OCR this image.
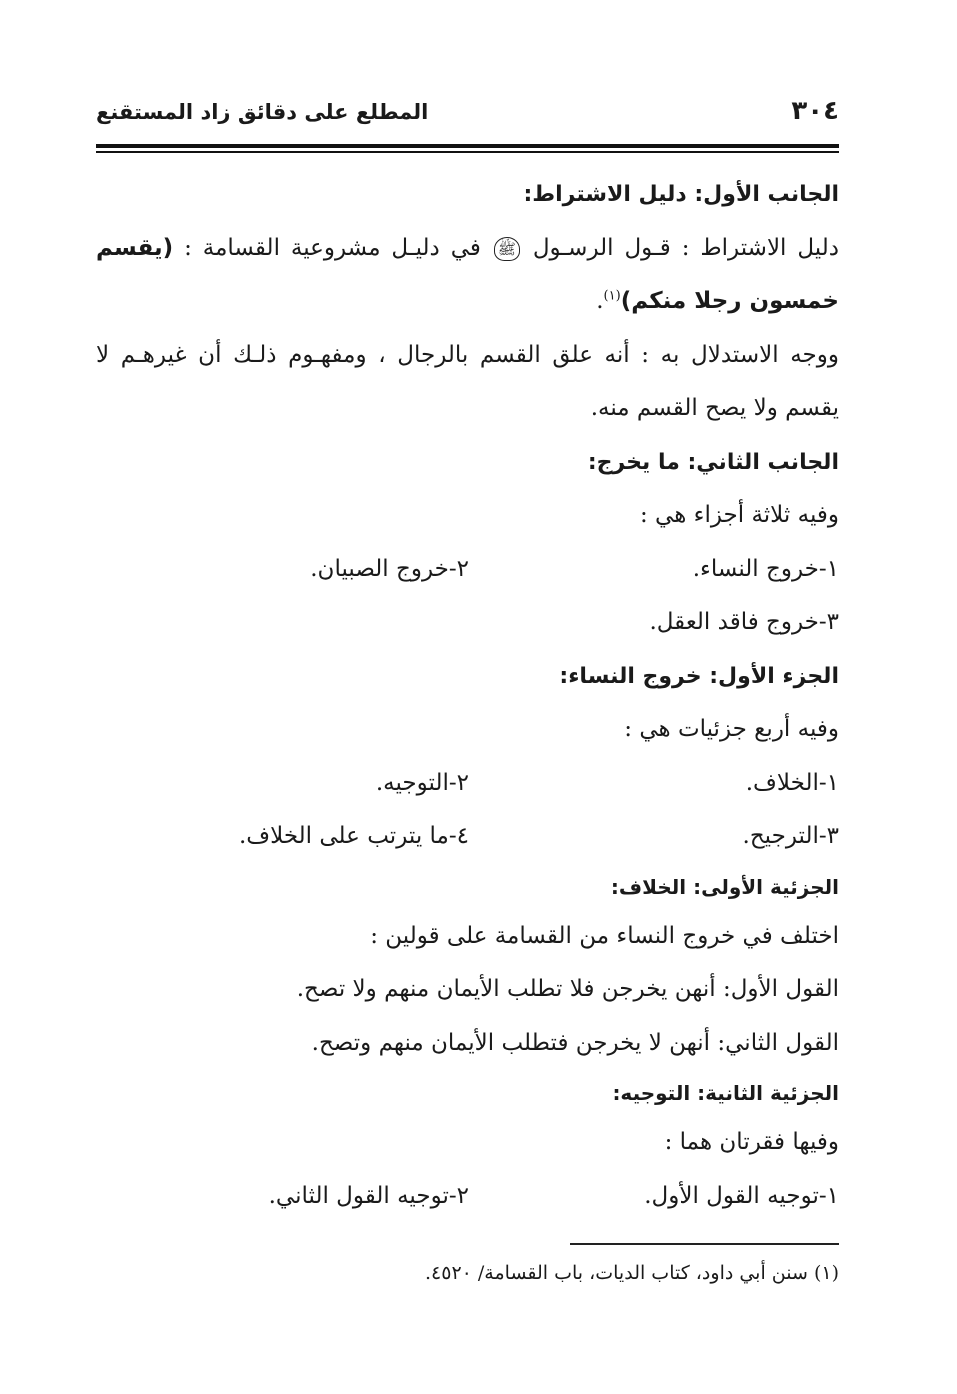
٣٠٤
المطلع على دقائق زاد المستقنع
الجانب الأول: دليل الاشتراط:
دليل الاشتراط : قـول الرسـول ﷺ في دليـل مشروعية القسامة : (يقسم
خمسون رجلا منكم)$^{(١)}$.
ووجه الاستدلال به : أنه علق القسم بالرجال ، ومفهـوم ذلـك أن غيرهـم لا
يقسم ولا يصح القسم منه.
الجانب الثاني: ما يخرج:
وفيه ثلاثة أجزاء هي :
١-خروج النساء.
٢-خروج الصبيان.
٣-خروج فاقد العقل.
الجزء الأول: خروج النساء:
وفيه أربع جزئيات هي :
١-الخلاف.
٢-التوجيه.
٣-الترجيح.
٤-ما يترتب على الخلاف.
الجزئية الأولى: الخلاف:
اختلف في خروج النساء من القسامة على قولين :
القول الأول: أنهن يخرجن فلا تطلب الأيمان منهم ولا تصح.
القول الثاني: أنهن لا يخرجن فتطلب الأيمان منهم وتصح.
الجزئية الثانية: التوجيه:
وفيها فقرتان هما :
١-توجيه القول الأول.
٢-توجيه القول الثاني.
(١) سنن أبي داود، كتاب الديات، باب القسامة/ ٤٥٢٠.
